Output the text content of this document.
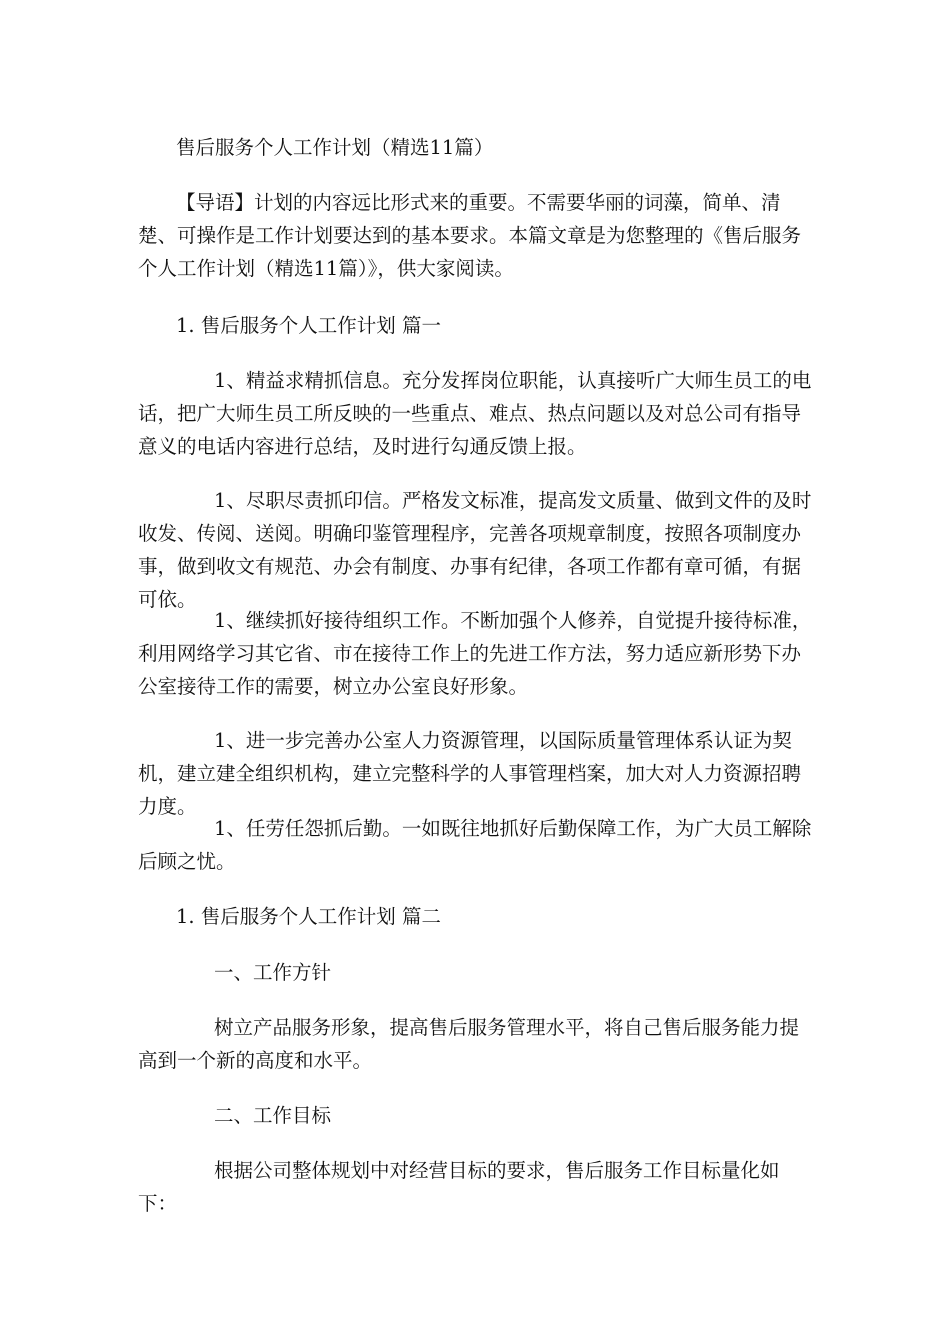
售后服务个人工作计划（精选11篇）

【导语】计划的内容远比形式来的重要。不需要华丽的词藻，简单、清楚、可操作是工作计划要达到的基本要求。本篇文章是为您整理的《售后服务个人工作计划（精选11篇）》，供大家阅读。

1. 售后服务个人工作计划 篇一

1、精益求精抓信息。充分发挥岗位职能，认真接听广大师生员工的电话，把广大师生员工所反映的一些重点、难点、热点问题以及对总公司有指导意义的电话内容进行总结，及时进行勾通反馈上报。

1、尽职尽责抓印信。严格发文标准，提高发文质量、做到文件的及时收发、传阅、送阅。明确印鉴管理程序，完善各项规章制度，按照各项制度办事，做到收文有规范、办会有制度、办事有纪律，各项工作都有章可循，有据可依。

1、继续抓好接待组织工作。不断加强个人修养，自觉提升接待标准，利用网络学习其它省、市在接待工作上的先进工作方法，努力适应新形势下办公室接待工作的需要，树立办公室良好形象。

1、进一步完善办公室人力资源管理，以国际质量管理体系认证为契机，建立建全组织机构，建立完整科学的人事管理档案，加大对人力资源招聘力度。

1、任劳任怨抓后勤。一如既往地抓好后勤保障工作，为广大员工解除后顾之忧。

1. 售后服务个人工作计划 篇二

一、工作方针

树立产品服务形象，提高售后服务管理水平，将自己售后服务能力提高到一个新的高度和水平。

二、工作目标

根据公司整体规划中对经营目标的要求，售后服务工作目标量化如下：
